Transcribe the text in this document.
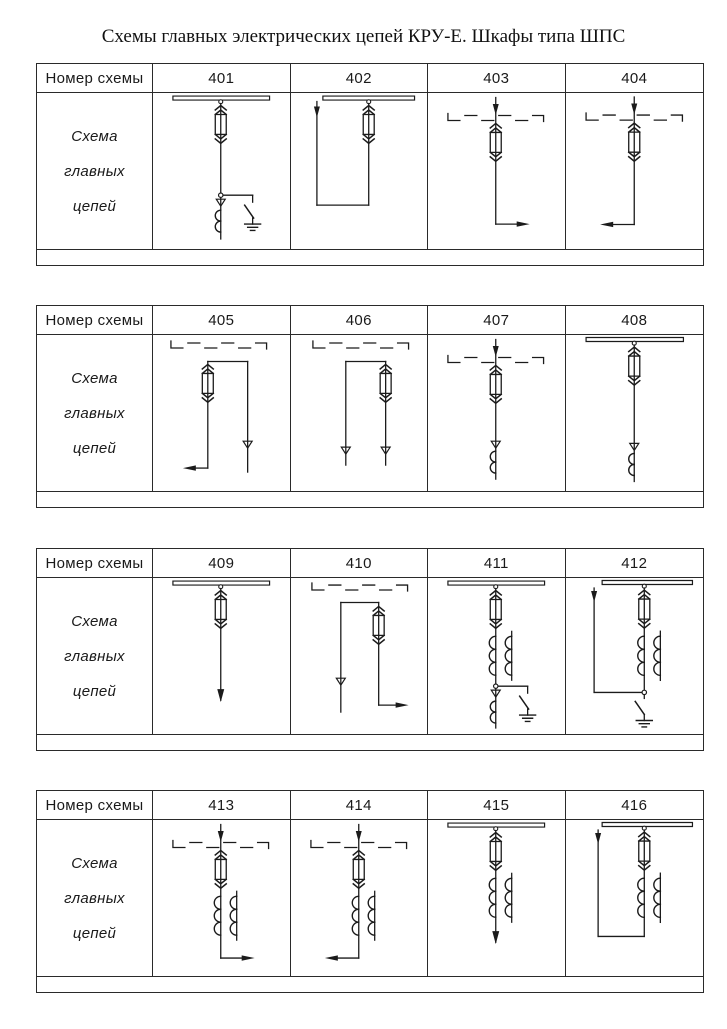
Схемы главных электрических цепей КРУ-Е. Шкафы типа ШПС
Номер схемы	401	402	403	404
Схема
главных
цепей
Номер схемы	405	406	407	408
Схема
главных
цепей
Номер схемы	409	410	411	412
Схема
главных
цепей
Номер схемы	413	414	415	416
Схема
главных
цепей
